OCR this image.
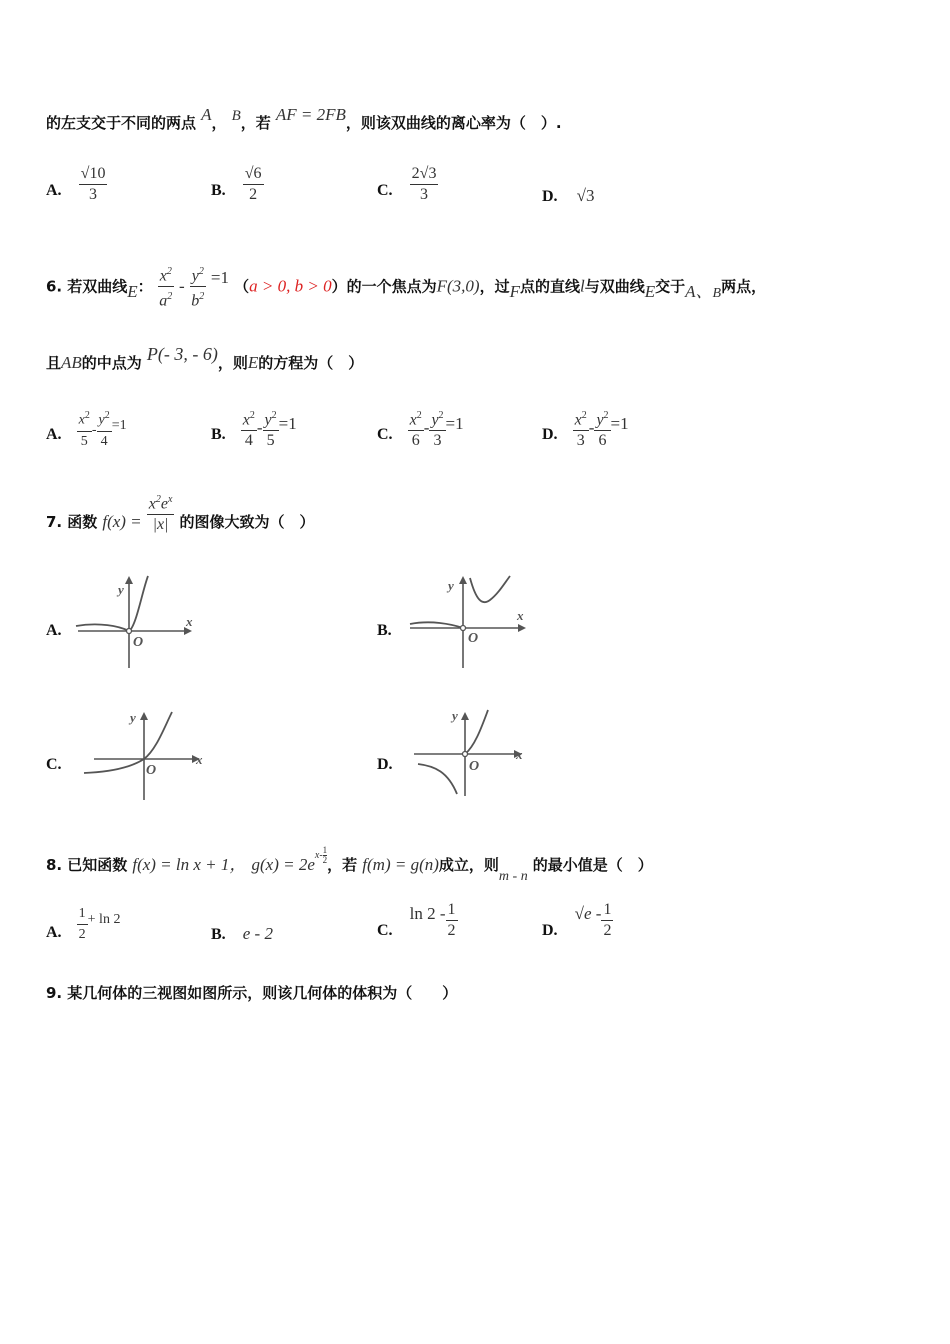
的左支交于不同的两点 A， B，若 AF = 2FB，则该双曲线的离心率为（　）.
A. $\frac{√10}{3}$	B. $\frac{√6}{2}$	C. $\frac{2√3}{3}$	D. √3
6. 若双曲线E： $\frac{x^2}{a^2} - \frac{y^2}{b^2} =1$ （a > 0, b > 0）的一个焦点为F(3,0)，过F点的直线l与双曲线E交于A、B两点，
且AB的中点为 P(- 3, - 6)，则E的方程为（　）
A. $\frac{x^2}{5} - \frac{y^2}{4} =1$
B. $\frac{x^2}{4} - \frac{y^2}{5} =1$
C. $\frac{x^2}{6} - \frac{y^2}{3} =1$
D. $\frac{x^2}{3} - \frac{y^2}{6} =1$
7. 函数 $f(x) = \frac{x^2e^x}{|x|}$ 的图像大致为（　）
A.	B.
C.	D.
y
x
O
y
x
O
y
x
O
y
x
O
8. 已知函数 f(x) = ln x + 1， $g(x) = 2e^{x- \frac{1}{2}}$
，若 f(m) = g(n)成立，则m - n 的最小值是（　）
A. $\frac{1}{2} + \ln 2$
B. e - 2	C. $\ln 2 - \frac{1}{2}$	D. $√e - \frac{1}{2}$
9. 某几何体的三视图如图所示，则该几何体的体积为（　　）
